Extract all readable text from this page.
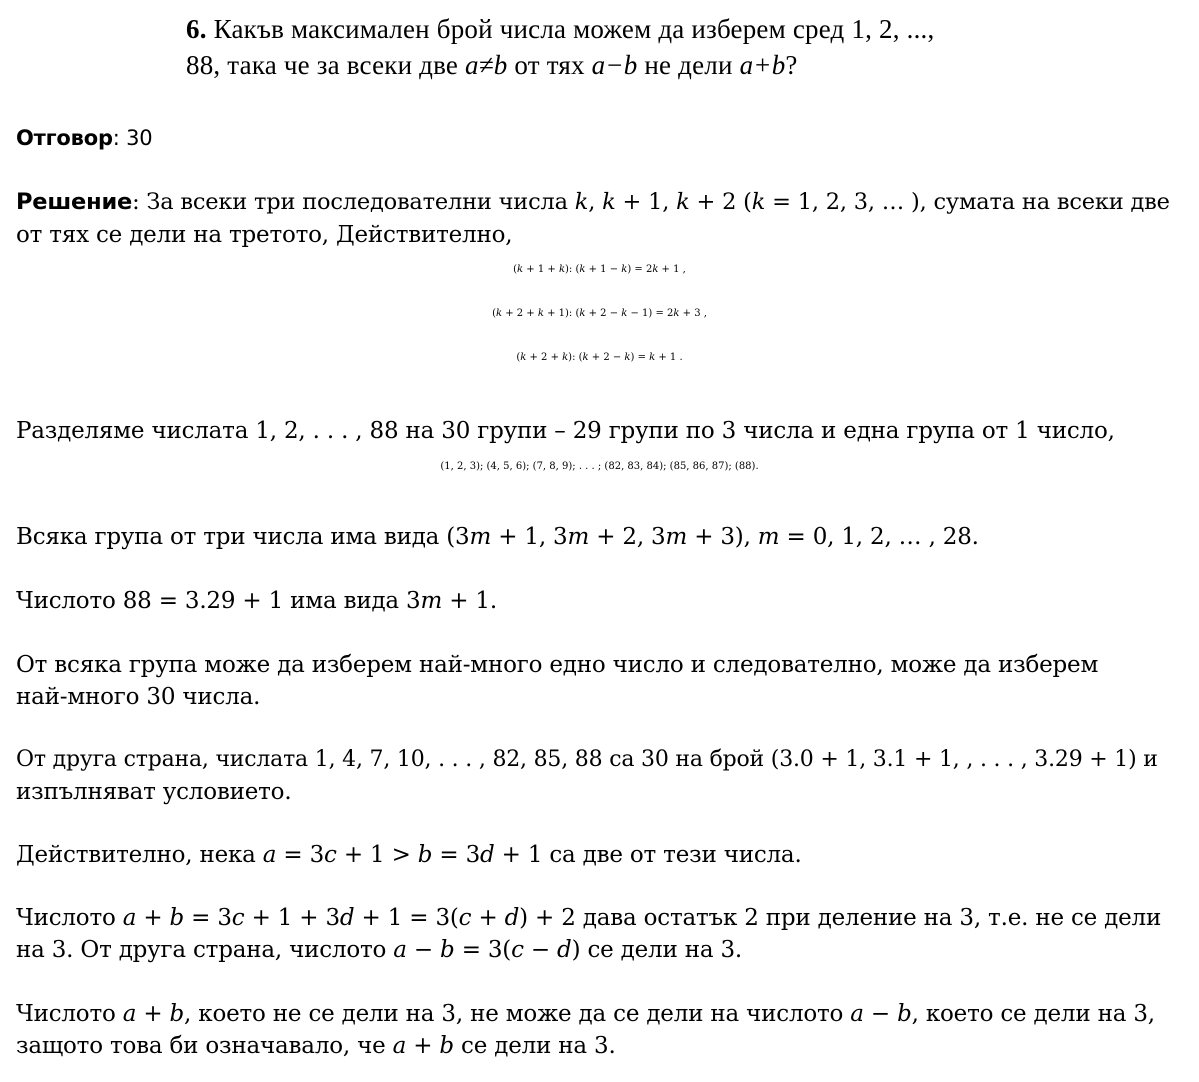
6. Какъв максимален брой числа можем да изберем сред 1, 2, ...,
88, така че за всеки две a≠b от тях a−b не дели a+b?
Отговор: 30
Решение: За всеки три последователни числа 𝑘, 𝑘 + 1, 𝑘 + 2 (𝑘 = 1, 2, 3, … ), сумата на всеки две
от тях се дели на третото, Действително,
(𝑘 + 1 + 𝑘): (𝑘 + 1 − 𝑘) = 2𝑘 + 1 ,
(𝑘 + 2 + 𝑘 + 1): (𝑘 + 2 − 𝑘 − 1) = 2𝑘 + 3 ,
(𝑘 + 2 + 𝑘): (𝑘 + 2 − 𝑘) = 𝑘 + 1 .
Разделяме числата 1, 2, . . . , 88 на 30 групи – 29 групи по 3 числа и една група от 1 число,
(1, 2, 3); (4, 5, 6); (7, 8, 9); . . . ; (82, 83, 84); (85, 86, 87); (88).
Всяка група от три числа има вида (3𝑚 + 1, 3𝑚 + 2, 3𝑚 + 3), 𝑚 = 0, 1, 2, … , 28.
Числото 88 = 3.29 + 1 има вида 3𝑚 + 1.
От всяка група може да изберем най-много едно число и следователно, може да изберем
най-много 30 числа.
От друга страна, числата 1, 4, 7, 10, . . . , 82, 85, 88 са 30 на брой (3.0 + 1, 3.1 + 1, , . . . , 3.29 + 1) и
изпълняват условието.
Действително, нека 𝑎 = 3𝑐 + 1 > 𝑏 = 3𝑑 + 1 са две от тези числа.
Числото 𝑎 + 𝑏 = 3𝑐 + 1 + 3𝑑 + 1 = 3(𝑐 + 𝑑) + 2 дава остатък 2 при деление на 3, т.е. не се дели
на 3. От друга страна, числото 𝑎 − 𝑏 = 3(𝑐 − 𝑑) се дели на 3.
Числото 𝑎 + 𝑏, което не се дели на 3, не може да се дели на числото 𝑎 − 𝑏, което се дели на 3,
защото това би означавало, че 𝑎 + 𝑏 се дели на 3.
